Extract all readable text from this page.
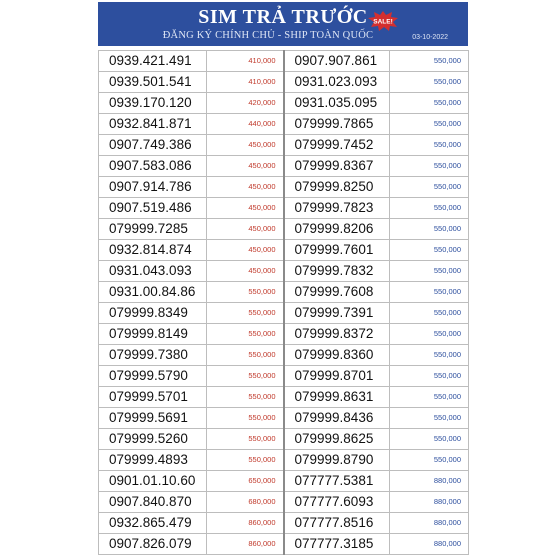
SIM TRẢ TRƯỚC SALE!
ĐĂNG KÝ CHÍNH CHỦ - SHIP TOÀN QUỐC	03-10-2022
0939.421.491	410,000	0907.907.861	550,000
0939.501.541	410,000	0931.023.093	550,000
0939.170.120	420,000	0931.035.095	550,000
0932.841.871	440,000	079999.7865	550,000
0907.749.386	450,000	079999.7452	550,000
0907.583.086	450,000	079999.8367	550,000
0907.914.786	450,000	079999.8250	550,000
0907.519.486	450,000	079999.7823	550,000
079999.7285	450,000	079999.8206	550,000
0932.814.874	450,000	079999.7601	550,000
0931.043.093	450,000	079999.7832	550,000
0931.00.84.86	550,000	079999.7608	550,000
079999.8349	550,000	079999.7391	550,000
079999.8149	550,000	079999.8372	550,000
079999.7380	550,000	079999.8360	550,000
079999.5790	550,000	079999.8701	550,000
079999.5701	550,000	079999.8631	550,000
079999.5691	550,000	079999.8436	550,000
079999.5260	550,000	079999.8625	550,000
079999.4893	550,000	079999.8790	550,000
0901.01.10.60	650,000	077777.5381	880,000
0907.840.870	680,000	077777.6093	880,000
0932.865.479	860,000	077777.8516	880,000
0907.826.079	860,000	077777.3185	880,000
